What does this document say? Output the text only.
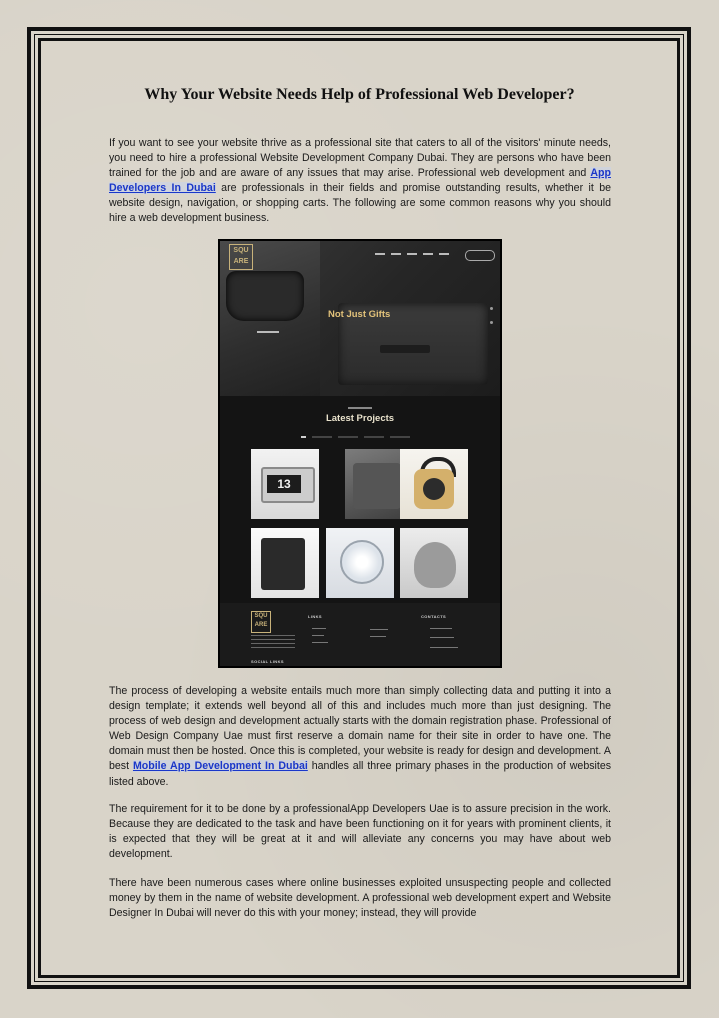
Why Your Website Needs Help of Professional Web Developer?

If you want to see your website thrive as a professional site that caters to all of the visitors' minute needs, you need to hire a professional Website Development Company Dubai. They are persons who have been trained for the job and are aware of any issues that may arise. Professional web development and App Developers In Dubai are professionals in their fields and promise outstanding results, whether it be website design, navigation, or shopping carts. The following are some common reasons why you should hire a web development business.

SQU
ARE
Not Just Gifts
Latest Projects
13
SQU
ARE
LINKS	CONTACTS
SOCIAL LINKS

The process of developing a website entails much more than simply collecting data and putting it into a design template; it extends well beyond all of this and includes much more than just designing. The process of web design and development actually starts with the domain registration phase. Professional of Web Design Company Uae must first reserve a domain name for their site in order to have one. The domain must then be hosted. Once this is completed, your website is ready for design and development. A best Mobile App Development In Dubai handles all three primary phases in the production of websites listed above.

The requirement for it to be done by a professionalApp Developers Uae is to assure precision in the work. Because they are dedicated to the task and have been functioning on it for years with prominent clients, it is expected that they will be great at it and will alleviate any concerns you may have about web development.

There have been numerous cases where online businesses exploited unsuspecting people and collected money by them in the name of website development. A professional web development expert and Website Designer In Dubai will never do this with your money; instead, they will provide
